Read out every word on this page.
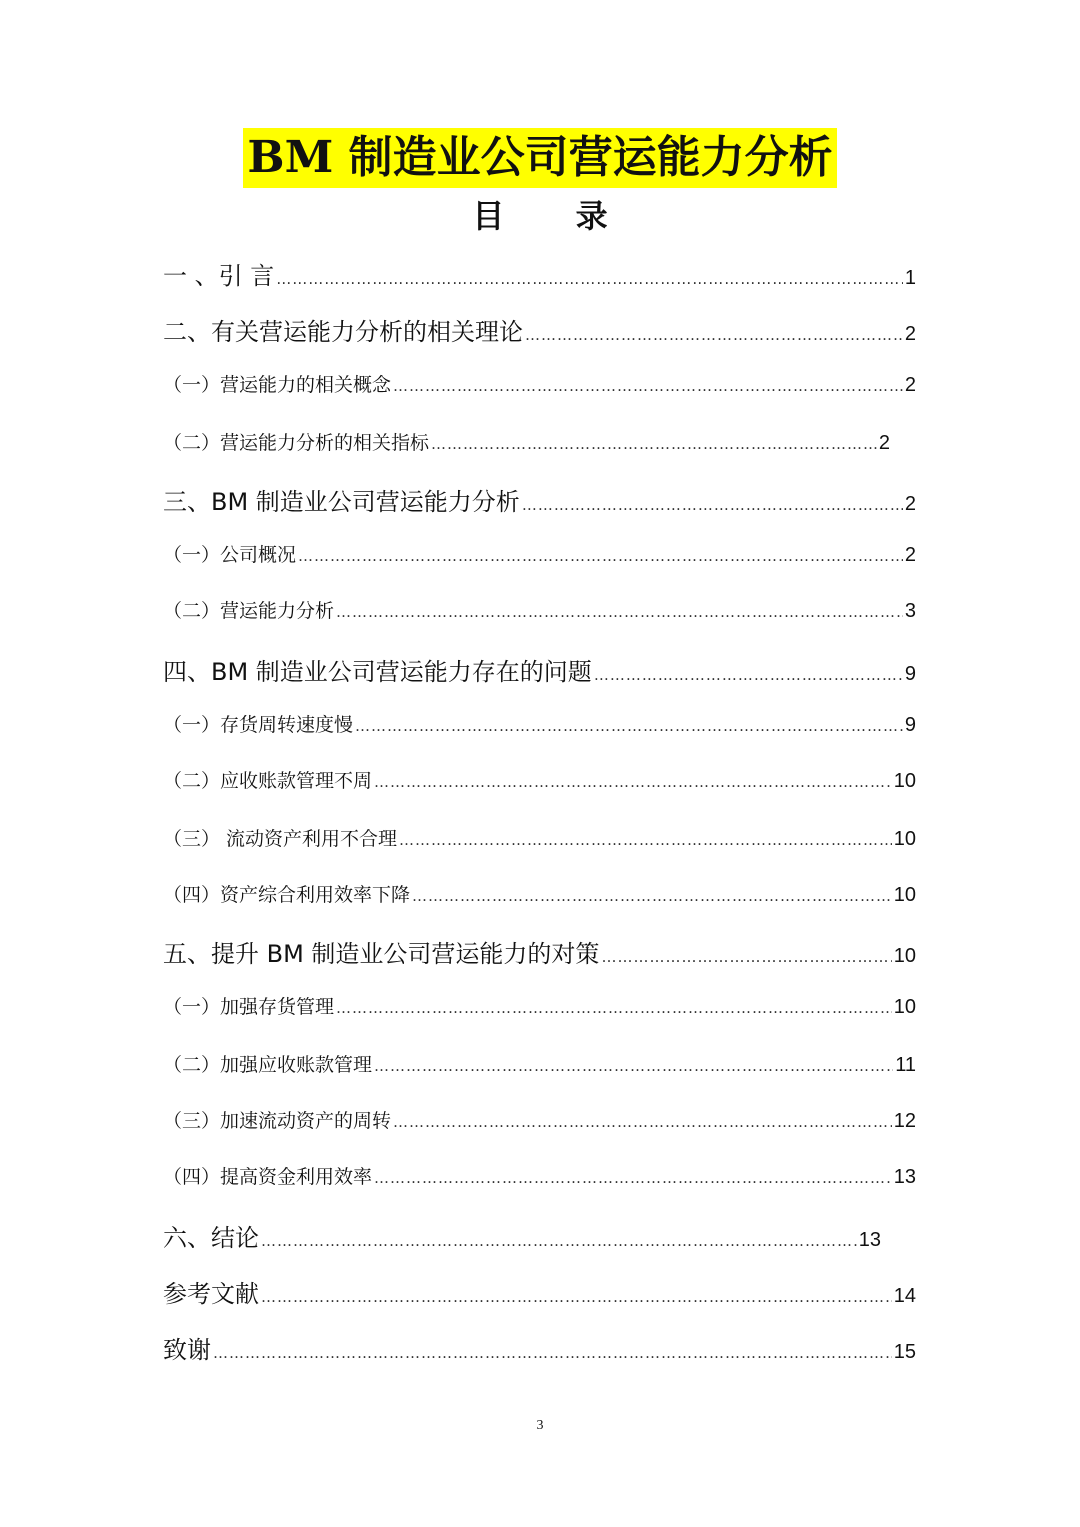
BM 制造业公司营运能力分析
目 录
一 、引 言 ……………………………………………………………………………………………………………………………………………………………………………………………………	1
二、有关营运能力分析的相关理论 ……………………………………………………………………………………………………………………………………………………………………………………………………	2
（一）营运能力的相关概念 ……………………………………………………………………………………………………………………………………………………………………………………………………	2
（二）营运能力分析的相关指标 ……………………………………………………………………………………………………………………………………………………………………………………………………	2
三、BM 制造业公司营运能力分析 ……………………………………………………………………………………………………………………………………………………………………………………………………	2
（一）公司概况 ……………………………………………………………………………………………………………………………………………………………………………………………………	2
（二）营运能力分析 ……………………………………………………………………………………………………………………………………………………………………………………………………	3
四、BM 制造业公司营运能力存在的问题 ……………………………………………………………………………………………………………………………………………………………………………………………………	9
（一）存货周转速度慢 ……………………………………………………………………………………………………………………………………………………………………………………………………	9
（二）应收账款管理不周 ……………………………………………………………………………………………………………………………………………………………………………………………………	10
（三） 流动资产利用不合理 ……………………………………………………………………………………………………………………………………………………………………………………………………	10
（四）资产综合利用效率下降 ……………………………………………………………………………………………………………………………………………………………………………………………………	10
五、提升 BM 制造业公司营运能力的对策 ……………………………………………………………………………………………………………………………………………………………………………………………………	10
（一）加强存货管理 ……………………………………………………………………………………………………………………………………………………………………………………………………	10
（二）加强应收账款管理 ……………………………………………………………………………………………………………………………………………………………………………………………………	11
（三）加速流动资产的周转 ……………………………………………………………………………………………………………………………………………………………………………………………………	12
（四）提高资金利用效率 ……………………………………………………………………………………………………………………………………………………………………………………………………	13
六、结论 ……………………………………………………………………………………………………………………………………………………………………………………………………	13
参考文献 ……………………………………………………………………………………………………………………………………………………………………………………………………	14
致谢 ……………………………………………………………………………………………………………………………………………………………………………………………………	15
3
